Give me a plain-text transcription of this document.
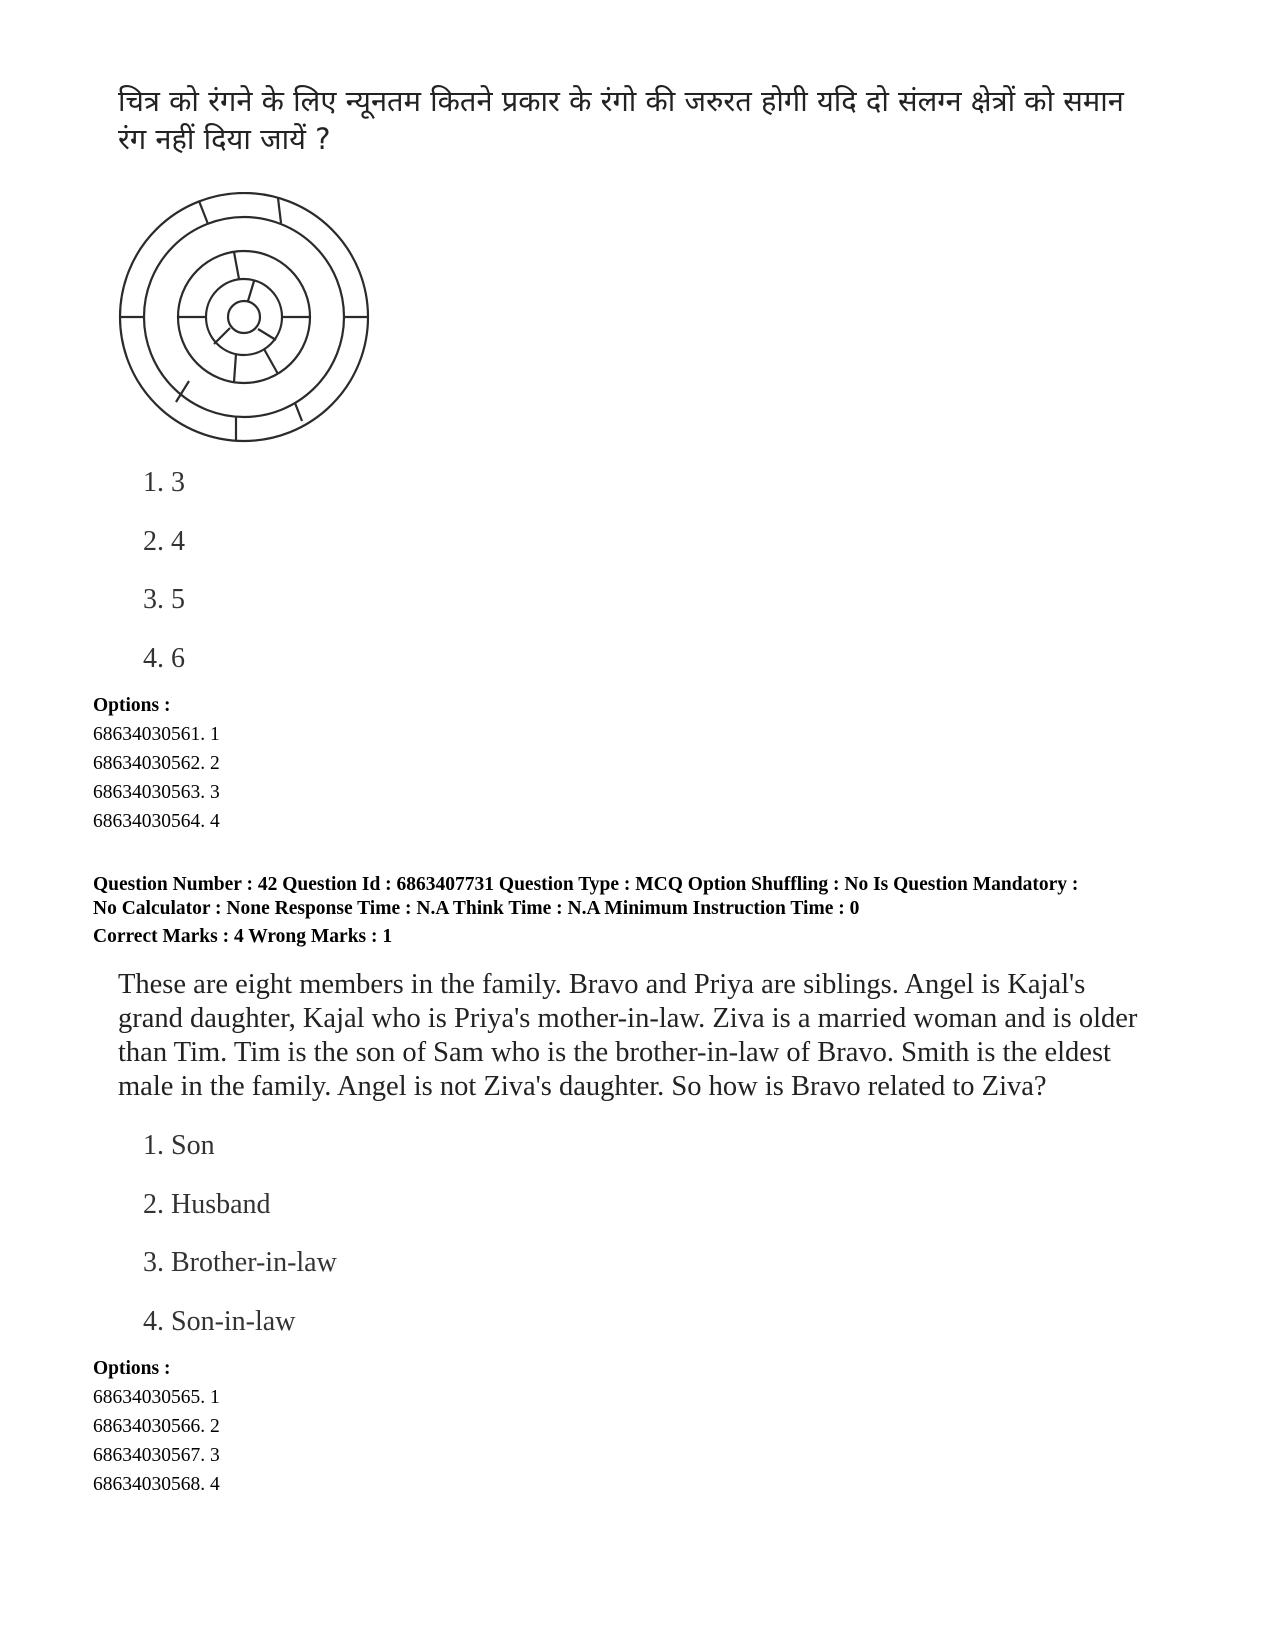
चित्र को रंगने के लिए न्यूनतम कितने प्रकार के रंगो की जरुरत होगी यदि दो संलग्न क्षेत्रों को समान
रंग नहीं दिया जायें ?
1. 3
2. 4
3. 5
4. 6
Options :
68634030561. 1
68634030562. 2
68634030563. 3
68634030564. 4
Question Number : 42 Question Id : 6863407731 Question Type : MCQ Option Shuffling : No Is Question Mandatory :
No Calculator : None Response Time : N.A Think Time : N.A Minimum Instruction Time : 0
Correct Marks : 4 Wrong Marks : 1
These are eight members in the family. Bravo and Priya are siblings. Angel is Kajal's
grand daughter, Kajal who is Priya's mother-in-law. Ziva is a married woman and is older
than Tim. Tim is the son of Sam who is the brother-in-law of Bravo. Smith is the eldest
male in the family. Angel is not Ziva's daughter. So how is Bravo related to Ziva?
1. Son
2. Husband
3. Brother-in-law
4. Son-in-law
Options :
68634030565. 1
68634030566. 2
68634030567. 3
68634030568. 4
